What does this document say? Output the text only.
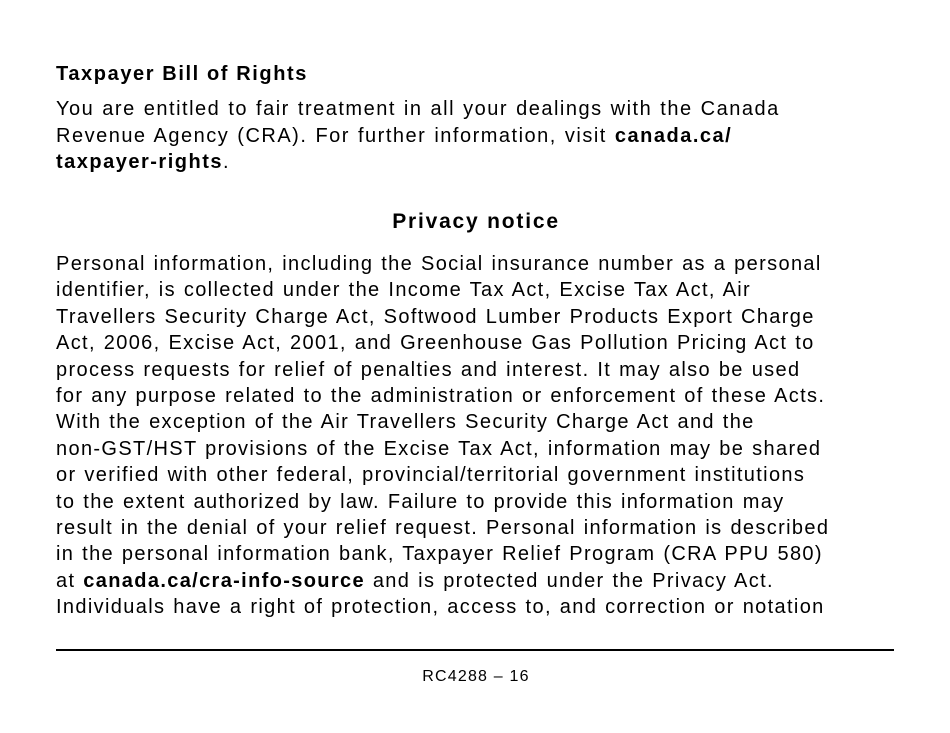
Taxpayer Bill of Rights

You are entitled to fair treatment in all your dealings with the Canada
Revenue Agency (CRA). For further information, visit canada.ca/
taxpayer-rights.

Privacy notice

Personal information, including the Social insurance number as a personal
identifier, is collected under the Income Tax Act, Excise Tax Act, Air
Travellers Security Charge Act, Softwood Lumber Products Export Charge
Act, 2006, Excise Act, 2001, and Greenhouse Gas Pollution Pricing Act to
process requests for relief of penalties and interest. It may also be used
for any purpose related to the administration or enforcement of these Acts.
With the exception of the Air Travellers Security Charge Act and the
non-GST/HST provisions of the Excise Tax Act, information may be shared
or verified with other federal, provincial/territorial government institutions
to the extent authorized by law. Failure to provide this information may
result in the denial of your relief request. Personal information is described
in the personal information bank, Taxpayer Relief Program (CRA PPU 580)
at canada.ca/cra-info-source and is protected under the Privacy Act.
Individuals have a right of protection, access to, and correction or notation

RC4288 – 16
